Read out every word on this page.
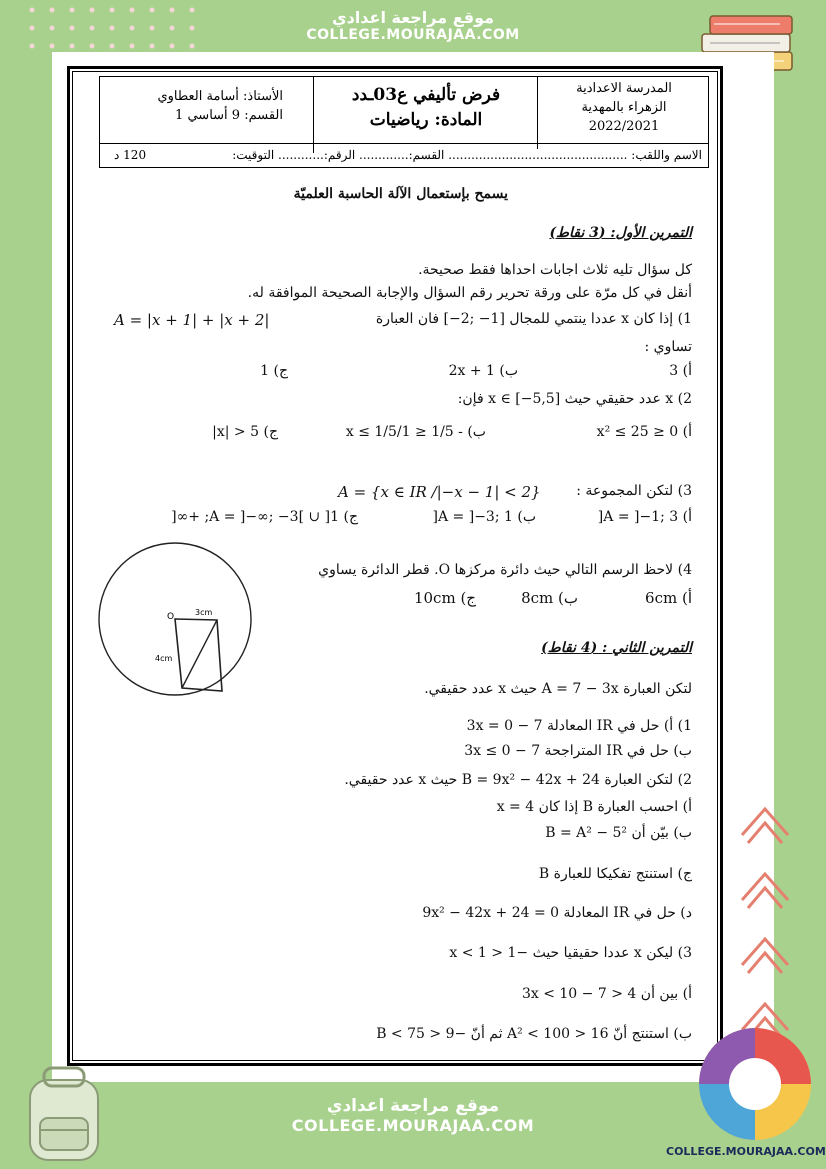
موقع مراجعة اعدادي
COLLEGE.MOURAJAA.COM
المدرسة الاعدادية
الزهراء بالمهدية
2022/2021
فرض تأليفي ع03ـدد
المادة: رياضيات
الأستاذ: أسامة العطاوي
القسم: 9 أساسي 1
الاسم واللقب: ............................................... القسم:............. الرقم:............ التوقيت:
120 د
يسمح بإستعمال الآلة الحاسبة العلميّة
التمرين الأول: (3 نقاط)
كل سؤال تليه ثلاث اجابات احداها فقط صحيحة.
أنقل في كل مرّة على ورقة تحرير رقم السؤال والإجابة الصحيحة الموافقة له.
1) إذا كان x عددا ينتمي للمجال [1− ;2−] فان العبارة
A = |x + 1| + |x + 2|
تساوي :
أ) 3
ب) 2x + 1
ج) 1
2) x عدد حقيقي حيث x ∈ [−5,5] فإن:
أ) 0 ≤ x² ≤ 25
ب) - 1/5 ≤ 1/x ≤ 1/5
ج) 5 < |x|
3) لتكن المجموعة :
A = {x ∈ IR /|−x − 1| < 2}
أ) A = ]−1; 3[
ب) A = ]−3; 1[
ج) A = ]−∞; −3[ ∪ ]1; +∞[
4) لاحظ الرسم التالي حيث دائرة مركزها O. قطر الدائرة يساوي
أ) 6cm
ب) 8cm
ج) 10cm
O	3cm
4cm
التمرين الثاني : (4 نقاط)
لتكن العبارة A = 7 − 3x حيث x عدد حقيقي.
1) أ) حل في IR المعادلة 7 − 3x = 0
ب) حل في IR المتراجحة 7 − 3x ≤ 0
2) لتكن العبارة B = 9x² − 42x + 24 حيث x عدد حقيقي.
أ) احسب العبارة B إذا كان x = 4
ب) بيّن أن B = A² − 5²
ج) استنتج تفكيكا للعبارة B
د) حل في IR المعادلة 9x² − 42x + 24 = 0
3) ليكن x عددا حقيقيا حيث −1 < x < 1
أ) بين أن 4 < 7 − 3x < 10
ب) استنتج أنّ 16 < A² < 100 ثم أنّ −9 < B < 75
موقع مراجعة اعدادي
COLLEGE.MOURAJAA.COM
COLLEGE.MOURAJAA.COM
